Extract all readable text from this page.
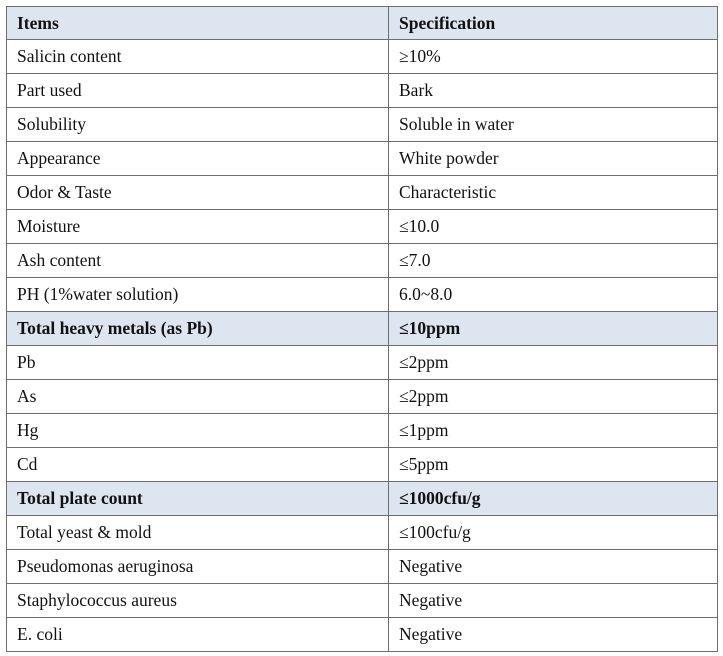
Items	Specification
Salicin content	≥10%
Part used	Bark
Solubility	Soluble in water
Appearance	White powder
Odor & Taste	Characteristic
Moisture	≤10.0
Ash content	≤7.0
PH (1%water solution)	6.0~8.0
Total heavy metals (as Pb)	≤10ppm
Pb	≤2ppm
As	≤2ppm
Hg	≤1ppm
Cd	≤5ppm
Total plate count	≤1000cfu/g
Total yeast & mold	≤100cfu/g
Pseudomonas aeruginosa	Negative
Staphylococcus aureus	Negative
E. coli	Negative
